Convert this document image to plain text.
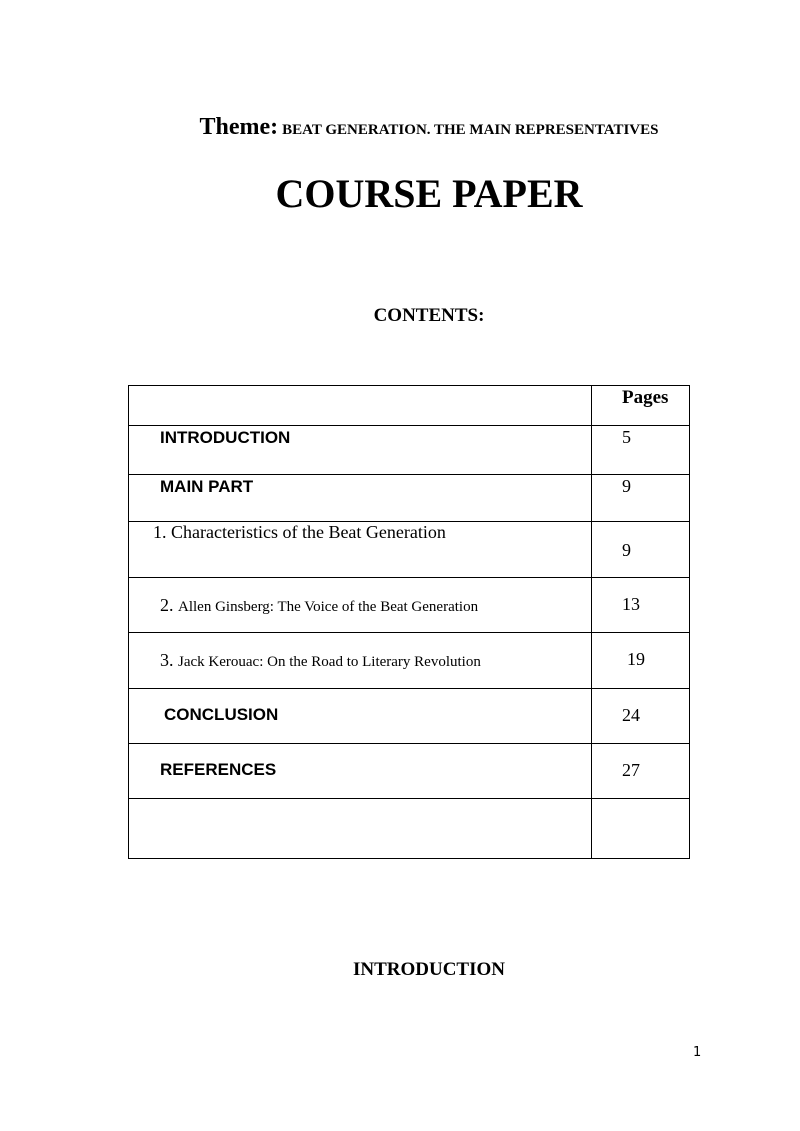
Theme: BEAT GENERATION. THE MAIN REPRESENTATIVES
COURSE PAPER
CONTENTS:

	Pages

INTRODUCTION	5

MAIN PART	9

1. Characteristics of the Beat Generation	9

2. Allen Ginsberg: The Voice of the Beat Generation	13

3. Jack Kerouac: On the Road to Literary Revolution	19

CONCLUSION	24

REFERENCES	27

INTRODUCTION
1
